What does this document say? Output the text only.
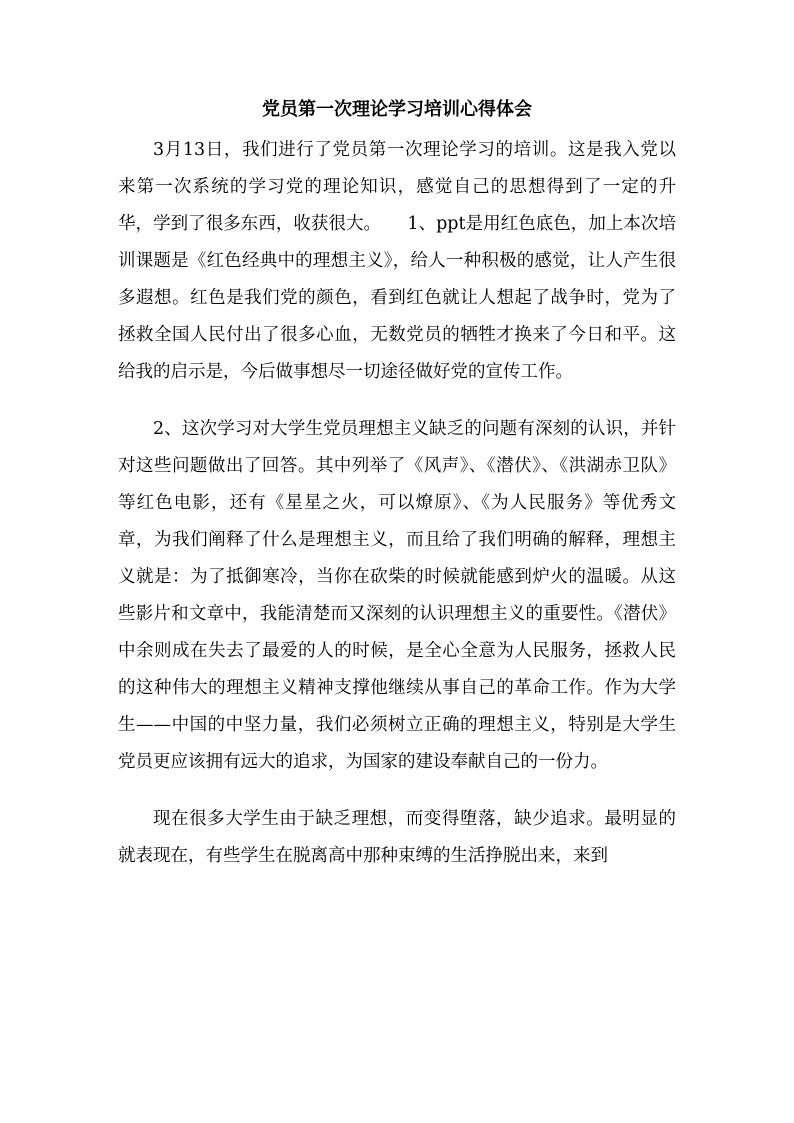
党员第一次理论学习培训心得体会

3月13日，我们进行了党员第一次理论学习的培训。这是我入党以来第一次系统的学习党的理论知识，感觉自己的思想得到了一定的升华，学到了很多东西，收获很大。　　1、ppt是用红色底色，加上本次培训课题是《红色经典中的理想主义》，给人一种积极的感觉，让人产生很多遐想。红色是我们党的颜色，看到红色就让人想起了战争时，党为了拯救全国人民付出了很多心血，无数党员的牺牲才换来了今日和平。这给我的启示是，今后做事想尽一切途径做好党的宣传工作。

2、这次学习对大学生党员理想主义缺乏的问题有深刻的认识，并针对这些问题做出了回答。其中列举了《风声》、《潜伏》、《洪湖赤卫队》等红色电影，还有《星星之火，可以燎原》、《为人民服务》等优秀文章，为我们阐释了什么是理想主义，而且给了我们明确的解释，理想主义就是：为了抵御寒冷，当你在砍柴的时候就能感到炉火的温暖。从这些影片和文章中，我能清楚而又深刻的认识理想主义的重要性。《潜伏》中余则成在失去了最爱的人的时候，是全心全意为人民服务，拯救人民的这种伟大的理想主义精神支撑他继续从事自己的革命工作。作为大学生——中国的中坚力量，我们必须树立正确的理想主义，特别是大学生党员更应该拥有远大的追求，为国家的建设奉献自己的一份力。

现在很多大学生由于缺乏理想，而变得堕落，缺少追求。最明显的就表现在，有些学生在脱离高中那种束缚的生活挣脱出来，来到
